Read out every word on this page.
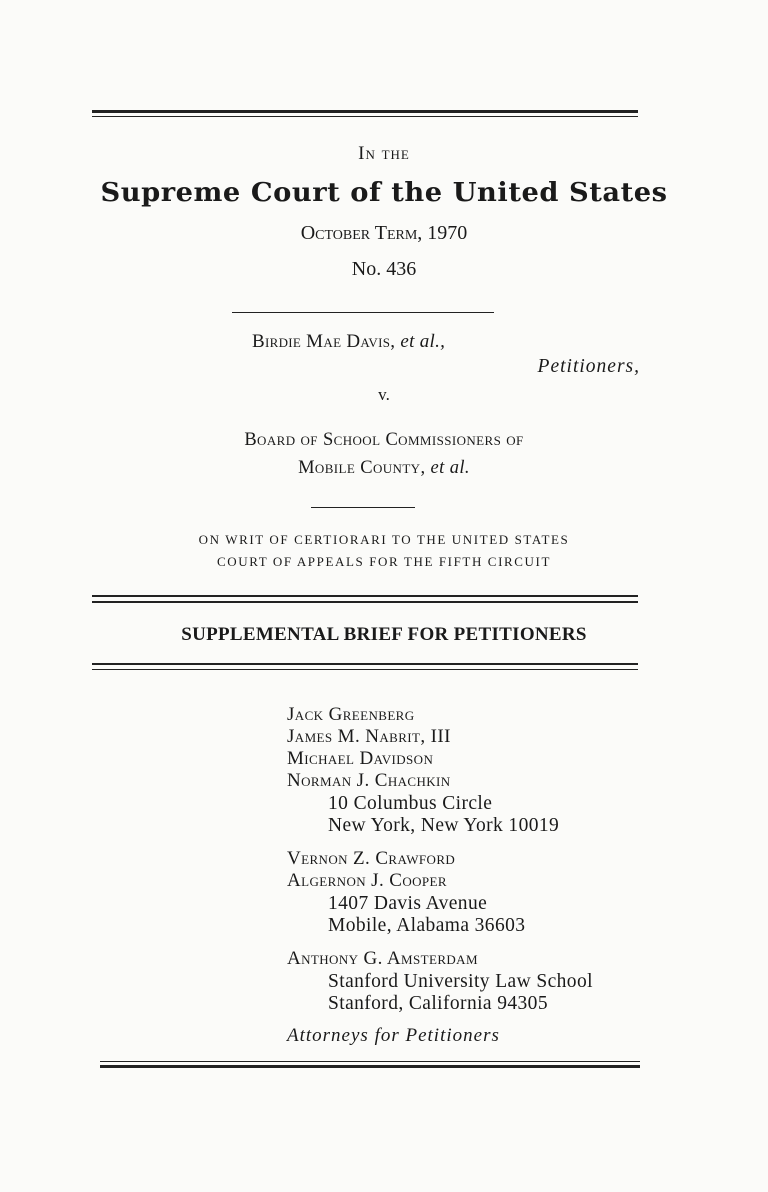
In the
Supreme Court of the United States
October Term, 1970
No. 436
Birdie Mae Davis, et al.,
Petitioners,
v.
Board of School Commissioners of
Mobile County, et al.
ON WRIT OF CERTIORARI TO THE UNITED STATES
COURT OF APPEALS FOR THE FIFTH CIRCUIT
SUPPLEMENTAL BRIEF FOR PETITIONERS
Jack Greenberg
James M. Nabrit, III
Michael Davidson
Norman J. Chachkin
10 Columbus Circle
New York, New York 10019
Vernon Z. Crawford
Algernon J. Cooper
1407 Davis Avenue
Mobile, Alabama 36603
Anthony G. Amsterdam
Stanford University Law School
Stanford, California 94305
Attorneys for Petitioners
